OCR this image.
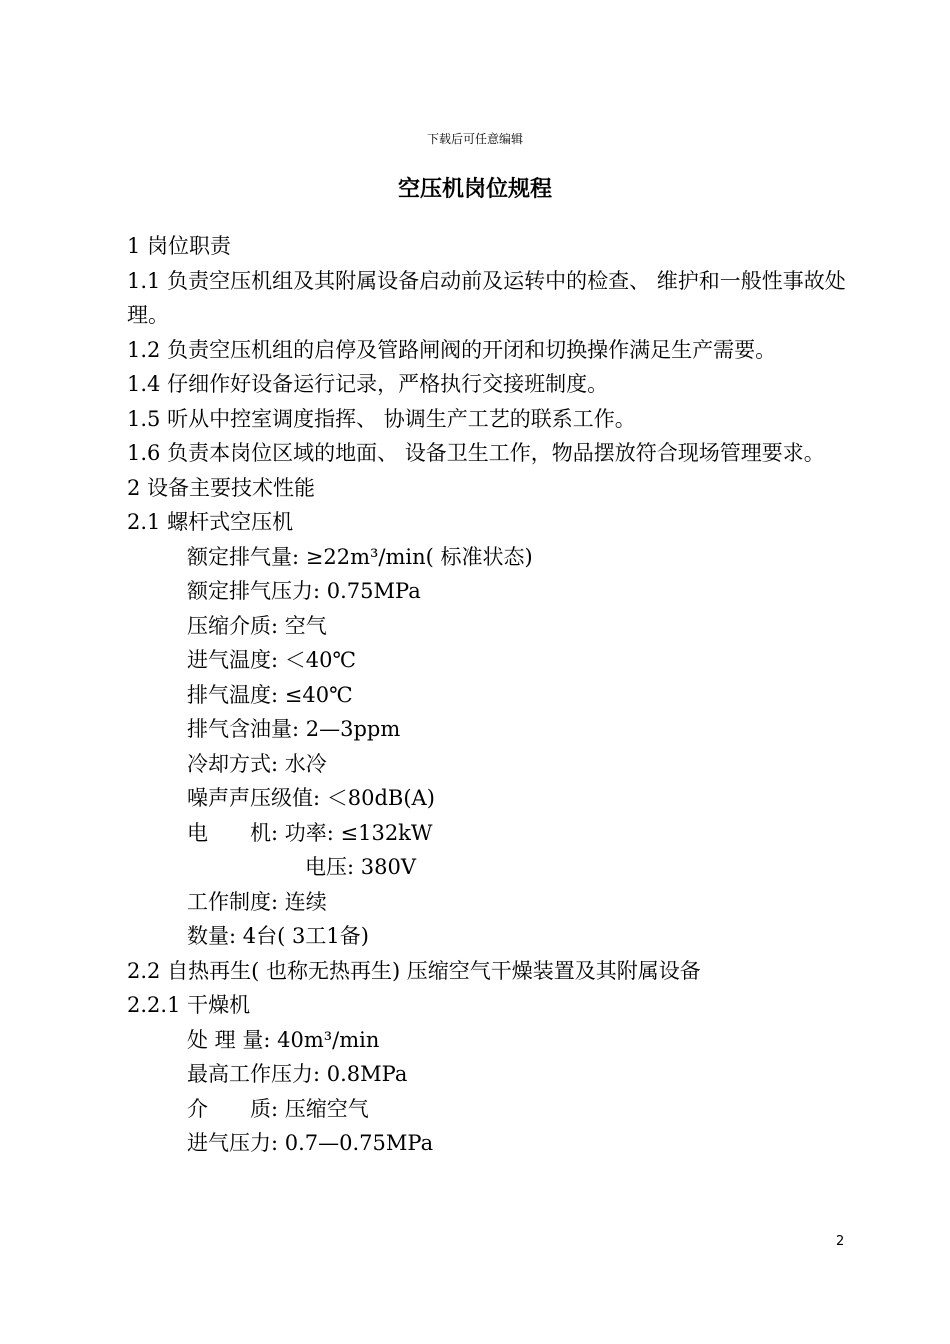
下载后可任意编辑
空压机岗位规程
1 岗位职责
1.1 负责空压机组及其附属设备启动前及运转中的检查、 维护和一般性事故处理。
1.2 负责空压机组的启停及管路闸阀的开闭和切换操作满足生产需要。
1.4 仔细作好设备运行记录，严格执行交接班制度。
1.5 听从中控室调度指挥、 协调生产工艺的联系工作。
1.6 负责本岗位区域的地面、 设备卫生工作，物品摆放符合现场管理要求。
2 设备主要技术性能
2.1 螺杆式空压机
额定排气量: ≥22m³/min( 标准状态)
额定排气压力: 0.75MPa
压缩介质: 空气
进气温度: ＜40℃
排气温度: ≤40℃
排气含油量: 2—3ppm
冷却方式: 水冷
噪声声压级值: ＜80dB(A)
电　　机: 功率: ≤132kW
电压: 380V
工作制度: 连续
数量: 4台( 3工1备)
2.2 自热再生( 也称无热再生) 压缩空气干燥装置及其附属设备
2.2.1 干燥机
处 理 量: 40m³/min
最高工作压力: 0.8MPa
介　　质: 压缩空气
进气压力: 0.7—0.75MPa
2
